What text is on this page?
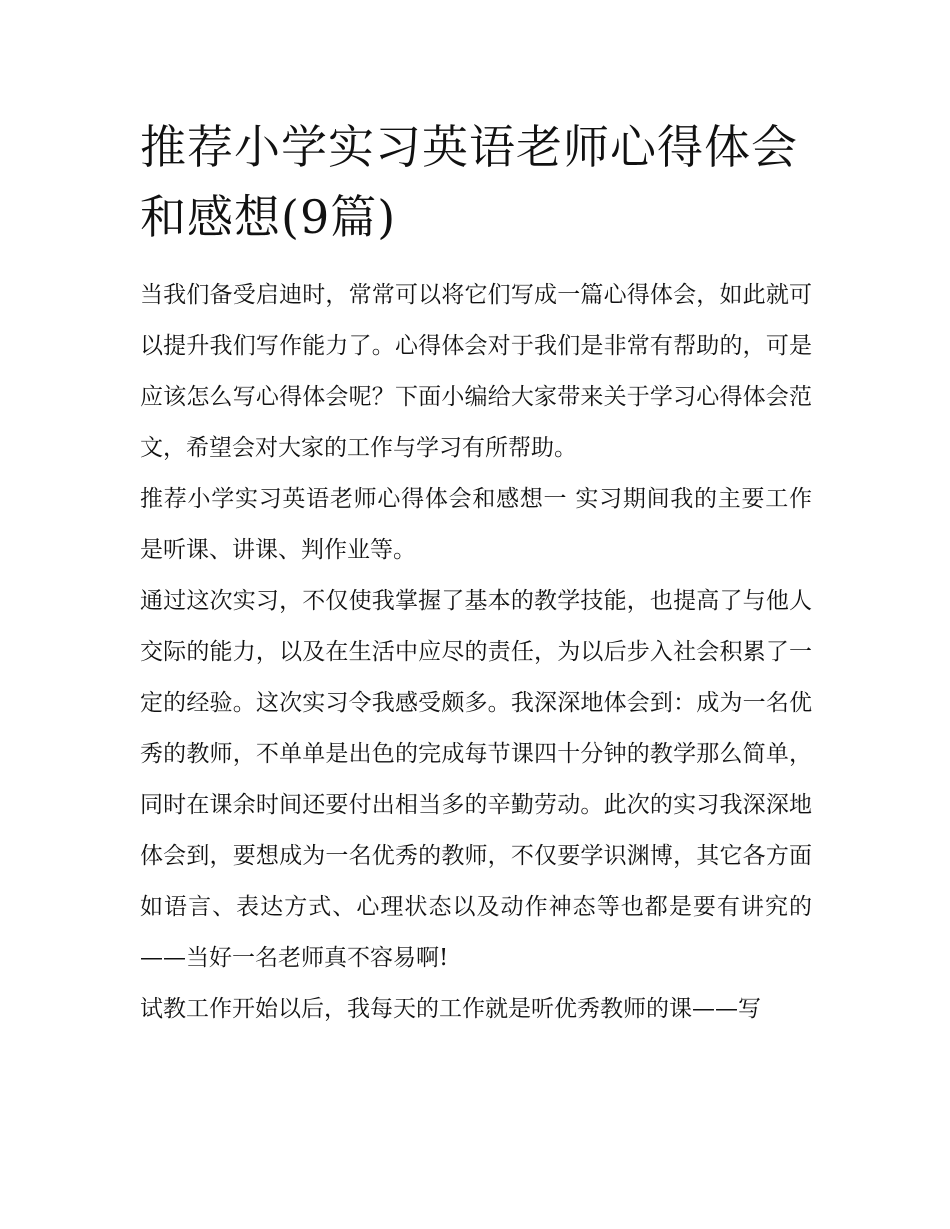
推荐小学实习英语老师心得体会和感想(9篇)

当我们备受启迪时，常常可以将它们写成一篇心得体会，如此就可以提升我们写作能力了。心得体会对于我们是非常有帮助的，可是应该怎么写心得体会呢？下面小编给大家带来关于学习心得体会范文，希望会对大家的工作与学习有所帮助。

推荐小学实习英语老师心得体会和感想一 实习期间我的主要工作是听课、讲课、判作业等。

通过这次实习，不仅使我掌握了基本的教学技能，也提高了与他人交际的能力，以及在生活中应尽的责任，为以后步入社会积累了一定的经验。这次实习令我感受颇多。我深深地体会到：成为一名优秀的教师，不单单是出色的完成每节课四十分钟的教学那么简单，同时在课余时间还要付出相当多的辛勤劳动。此次的实习我深深地体会到，要想成为一名优秀的教师，不仅要学识渊博，其它各方面如语言、表达方式、心理状态以及动作神态等也都是要有讲究的——当好一名老师真不容易啊!

试教工作开始以后，我每天的工作就是听优秀教师的课——写
